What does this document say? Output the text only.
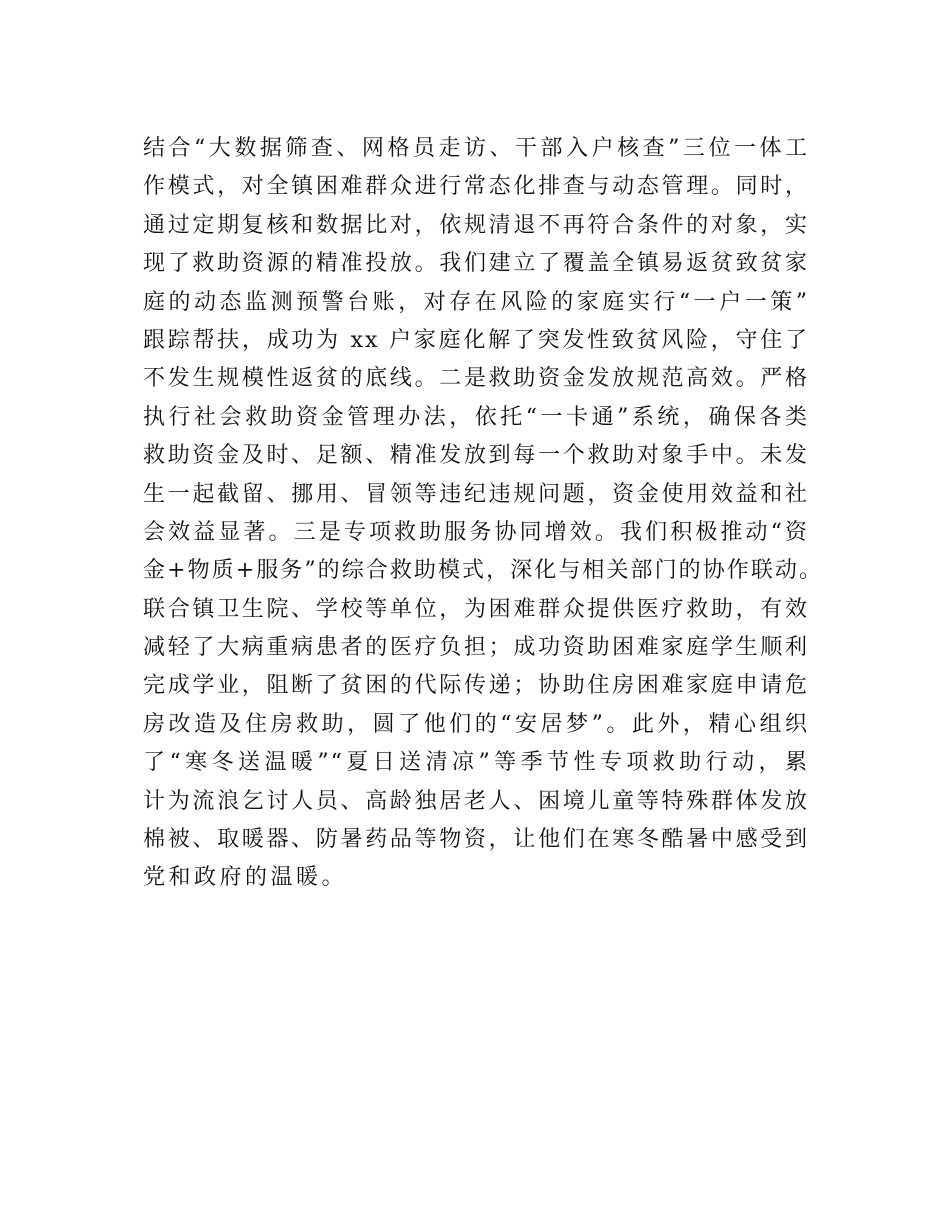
结合“大数据筛查、网格员走访、干部入户核查”三位一体工
作模式，对全镇困难群众进行常态化排查与动态管理。同时，
通过定期复核和数据比对，依规清退不再符合条件的对象，实
现了救助资源的精准投放。我们建立了覆盖全镇易返贫致贫家
庭的动态监测预警台账，对存在风险的家庭实行“一户一策”
跟踪帮扶，成功为 xx 户家庭化解了突发性致贫风险，守住了
不发生规模性返贫的底线。二是救助资金发放规范高效。严格
执行社会救助资金管理办法，依托“一卡通”系统，确保各类
救助资金及时、足额、精准发放到每一个救助对象手中。未发
生一起截留、挪用、冒领等违纪违规问题，资金使用效益和社
会效益显著。三是专项救助服务协同增效。我们积极推动“资
金+物质+服务”的综合救助模式，深化与相关部门的协作联动。
联合镇卫生院、学校等单位，为困难群众提供医疗救助，有效
减轻了大病重病患者的医疗负担；成功资助困难家庭学生顺利
完成学业，阻断了贫困的代际传递；协助住房困难家庭申请危
房改造及住房救助，圆了他们的“安居梦”。此外，精心组织
了“寒冬送温暖”“夏日送清凉”等季节性专项救助行动，累
计为流浪乞讨人员、高龄独居老人、困境儿童等特殊群体发放
棉被、取暖器、防暑药品等物资，让他们在寒冬酷暑中感受到
党和政府的温暖。
